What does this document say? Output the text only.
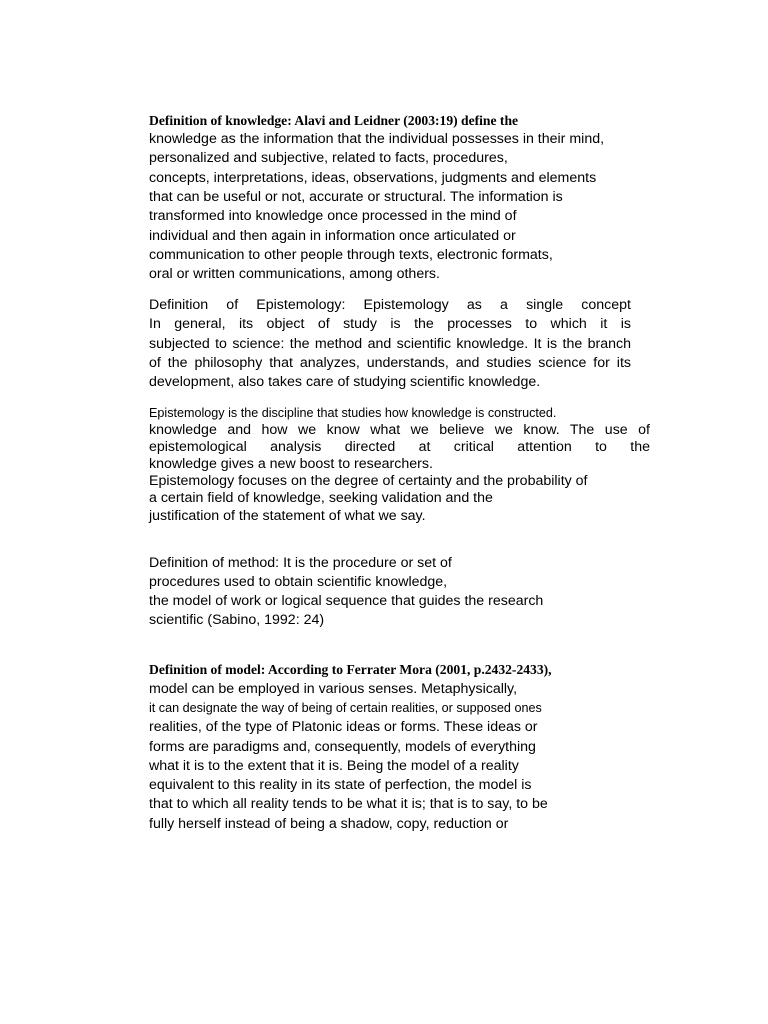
Definition of knowledge: Alavi and Leidner (2003:19) define the
knowledge as the information that the individual possesses in their mind,
personalized and subjective, related to facts, procedures,
concepts, interpretations, ideas, observations, judgments and elements
that can be useful or not, accurate or structural. The information is
transformed into knowledge once processed in the mind of
individual and then again in information once articulated or
communication to other people through texts, electronic formats,
oral or written communications, among others.
Definition of Epistemology: Epistemology as a single concept
In general, its object of study is the processes to which it is
subjected to science: the method and scientific knowledge. It is the branch
of the philosophy that analyzes, understands, and studies science for its
development, also takes care of studying scientific knowledge.
Epistemology is the discipline that studies how knowledge is constructed.
knowledge and how we know what we believe we know. The use of
epistemological analysis directed at critical attention to the
knowledge gives a new boost to researchers.
Epistemology focuses on the degree of certainty and the probability of
a certain field of knowledge, seeking validation and the
justification of the statement of what we say.
Definition of method: It is the procedure or set of
procedures used to obtain scientific knowledge,
the model of work or logical sequence that guides the research
scientific (Sabino, 1992: 24)
Definition of model: According to Ferrater Mora (2001, p.2432-2433),
model can be employed in various senses. Metaphysically,
it can designate the way of being of certain realities, or supposed ones
realities, of the type of Platonic ideas or forms. These ideas or
forms are paradigms and, consequently, models of everything
what it is to the extent that it is. Being the model of a reality
equivalent to this reality in its state of perfection, the model is
that to which all reality tends to be what it is; that is to say, to be
fully herself instead of being a shadow, copy, reduction or
